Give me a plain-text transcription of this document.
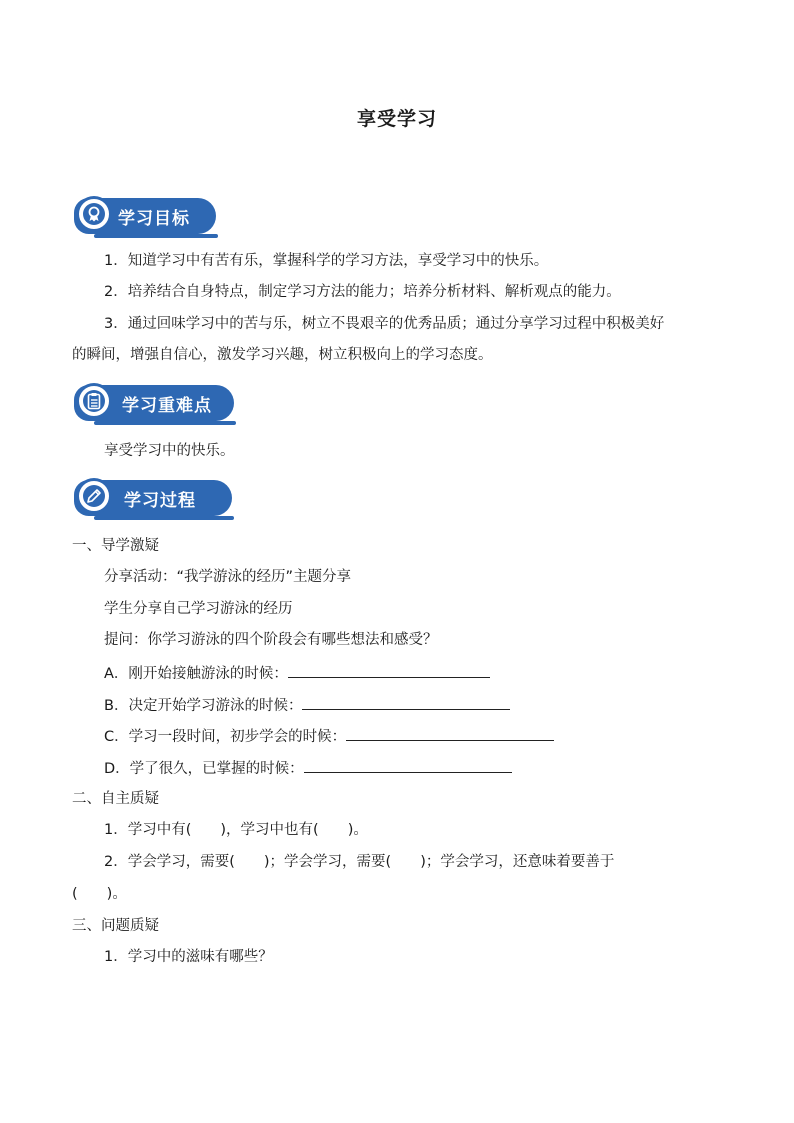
享受学习
学习目标
1．知道学习中有苦有乐，掌握科学的学习方法，享受学习中的快乐。
2．培养结合自身特点，制定学习方法的能力；培养分析材料、解析观点的能力。
3．通过回味学习中的苦与乐，树立不畏艰辛的优秀品质；通过分享学习过程中积极美好
的瞬间，增强自信心，激发学习兴趣，树立积极向上的学习态度。
学习重难点
享受学习中的快乐。
学习过程
一、导学激疑
分享活动：“我学游泳的经历”主题分享
学生分享自己学习游泳的经历
提问：你学习游泳的四个阶段会有哪些想法和感受？
A．刚开始接触游泳的时候：
B．决定开始学习游泳的时候：
C．学习一段时间，初步学会的时候：
D．学了很久，已掌握的时候：
二、自主质疑
1．学习中有(　　)，学习中也有(　　)。
2．学会学习，需要(　　)；学会学习，需要(　　)；学会学习，还意味着要善于
(　　)。
三、问题质疑
1．学习中的滋味有哪些？
